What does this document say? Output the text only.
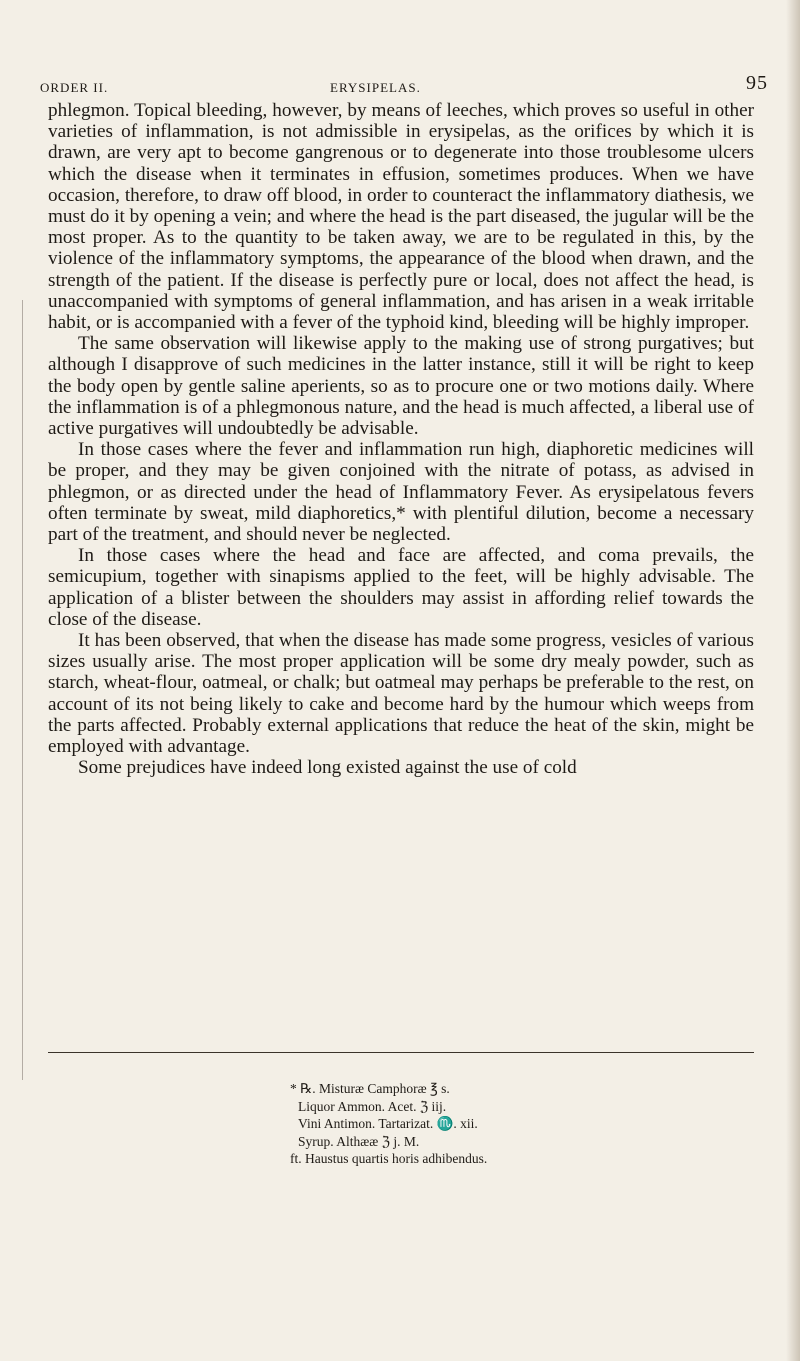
ORDER II.	ERYSIPELAS.	95

phlegmon. Topical bleeding, however, by means of leeches, which proves so useful in other varieties of inflammation, is not admissible in erysipelas, as the orifices by which it is drawn, are very apt to become gangrenous or to degenerate into those troublesome ulcers which the disease when it terminates in effusion, sometimes produces. When we have occasion, therefore, to draw off blood, in order to counteract the inflammatory diathesis, we must do it by opening a vein; and where the head is the part diseased, the jugular will be the most proper. As to the quantity to be taken away, we are to be regulated in this, by the violence of the inflammatory symptoms, the appearance of the blood when drawn, and the strength of the patient. If the disease is perfectly pure or local, does not affect the head, is unaccompanied with symptoms of general inflammation, and has arisen in a weak irritable habit, or is accompanied with a fever of the typhoid kind, bleeding will be highly improper.

The same observation will likewise apply to the making use of strong purgatives; but although I disapprove of such medicines in the latter instance, still it will be right to keep the body open by gentle saline aperients, so as to procure one or two motions daily. Where the inflammation is of a phlegmonous nature, and the head is much affected, a liberal use of active purgatives will undoubtedly be advisable.

In those cases where the fever and inflammation run high, diaphoretic medicines will be proper, and they may be given conjoined with the nitrate of potass, as advised in phlegmon, or as directed under the head of Inflammatory Fever. As erysipelatous fevers often terminate by sweat, mild diaphoretics,* with plentiful dilution, become a necessary part of the treatment, and should never be neglected.

In those cases where the head and face are affected, and coma prevails, the semicupium, together with sinapisms applied to the feet, will be highly advisable. The application of a blister between the shoulders may assist in affording relief towards the close of the disease.

It has been observed, that when the disease has made some progress, vesicles of various sizes usually arise. The most proper application will be some dry mealy powder, such as starch, wheat-flour, oatmeal, or chalk; but oatmeal may perhaps be preferable to the rest, on account of its not being likely to cake and become hard by the humour which weeps from the parts affected. Probably external applications that reduce the heat of the skin, might be employed with advantage.

Some prejudices have indeed long existed against the use of cold

* ℞. Misturæ Camphoræ ℥ s.
Liquor Ammon. Acet. ℨ iij.
Vini Antimon. Tartarizat. ♏. xii.
Syrup. Althææ ℨ j. M.
ft. Haustus quartis horis adhibendus.
